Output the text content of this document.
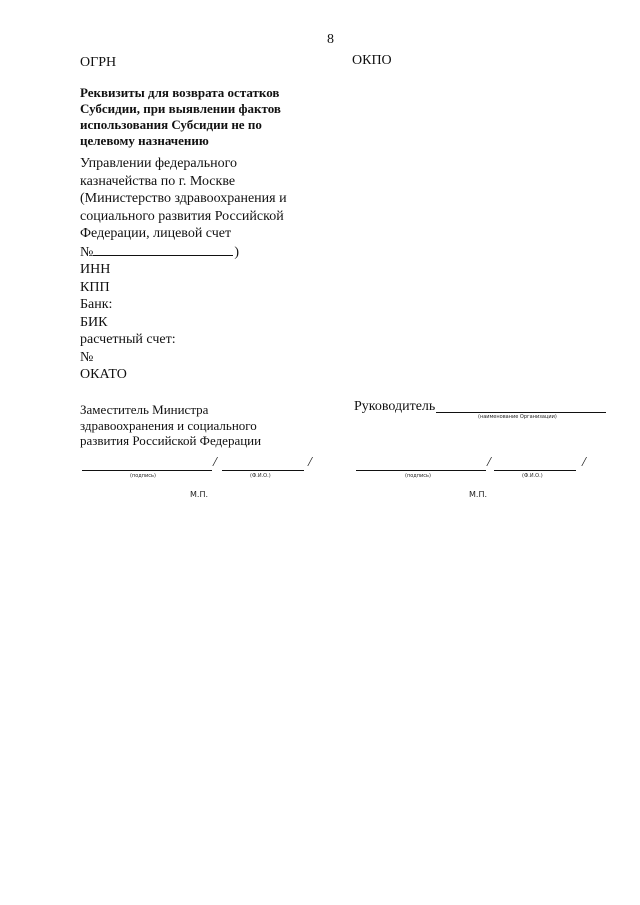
8
ОГРН	ОКПО
Реквизиты для возврата остатков
Субсидии, при выявлении фактов
использования Субсидии не по
целевому назначению
Управлении федерального
казначейства по г. Москве
(Министерство здравоохранения и
социального развития Российской
Федерации, лицевой счет
№	)
ИНН
КПП
Банк:
БИК
расчетный счет:
№
ОКАТО
Заместитель Министра
здравоохранения и социального
развития Российской Федерации
Руководитель
(наименование Организации)
/	/
(подпись)	(Ф.И.О.)
М.П.
/	/
(подпись)	(Ф.И.О.)
М.П.
